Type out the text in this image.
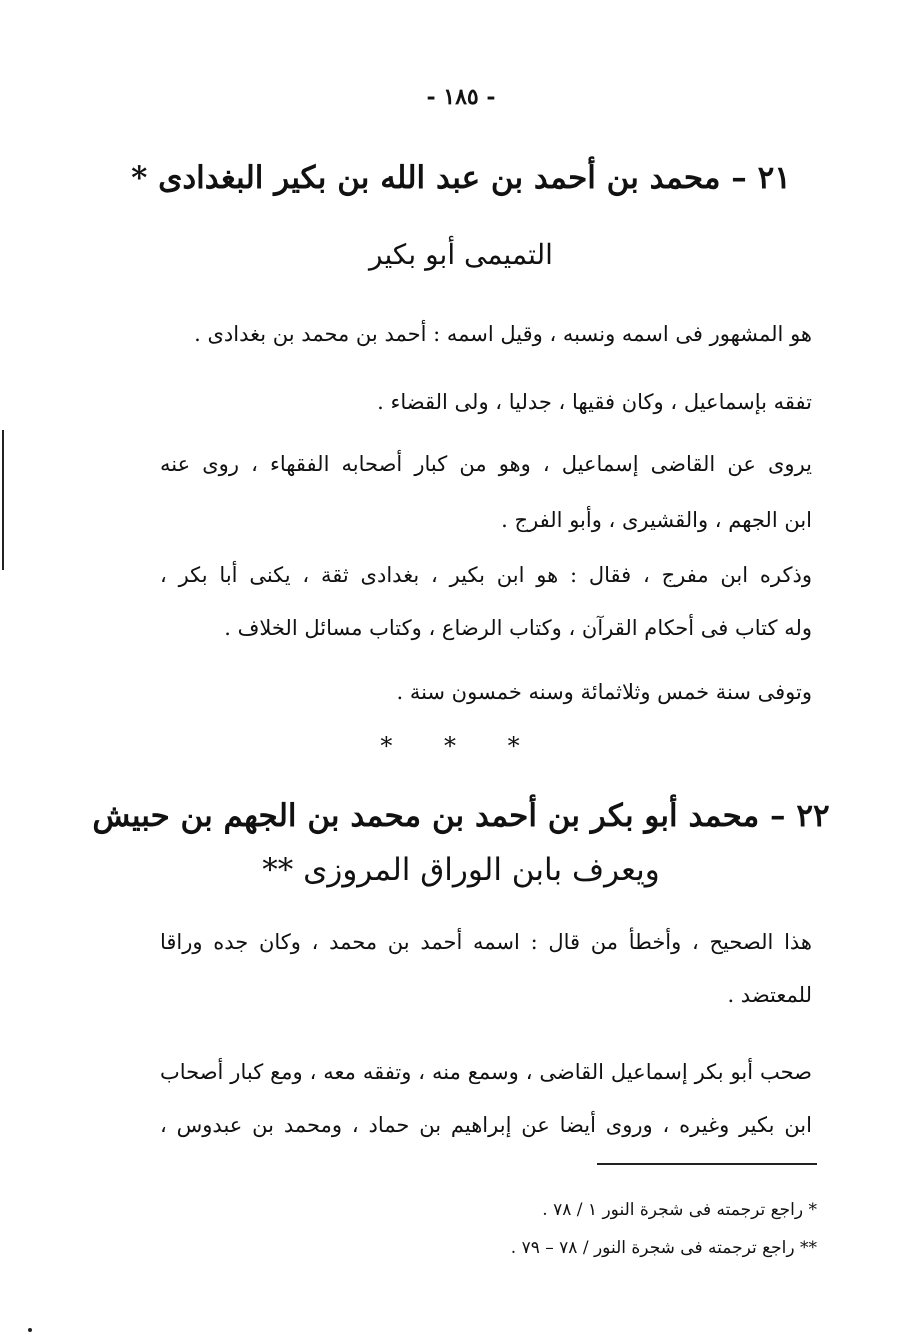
- ١٨٥ -
٢١ – محمد بن أحمد بن عبد الله بن بكير البغدادى *
التميمى أبو بكير
هو المشهور فى اسمه ونسبه ، وقيل اسمه : أحمد بن محمد بن بغدادى .
تفقه بإسماعيل ، وكان فقيها ، جدليا ، ولى القضاء .
يروى عن القاضى إسماعيل ، وهو من كبار أصحابه الفقهاء ، روى عنه
ابن الجهم ، والقشيرى ، وأبو الفرج .
وذكره ابن مفرج ، فقال : هو ابن بكير ، بغدادى ثقة ، يكنى أبا بكر ،
وله كتاب فى أحكام القرآن ، وكتاب الرضاع ، وكتاب مسائل الخلاف .
وتوفى سنة خمس وثلاثمائة وسنه خمسون سنة .
* * *
٢٢ – محمد أبو بكر بن أحمد بن محمد بن الجهم بن حبيش
ويعرف بابن الوراق المروزى **
هذا الصحيح ، وأخطأ من قال : اسمه أحمد بن محمد ، وكان جده وراقا
للمعتضد .
صحب أبو بكر إسماعيل القاضى ، وسمع منه ، وتفقه معه ، ومع كبار أصحاب
ابن بكير وغيره ، وروى أيضا عن إبراهيم بن حماد ، ومحمد بن عبدوس ،
* راجع ترجمته فى شجرة النور ١ / ٧٨ .
** راجع ترجمته فى شجرة النور / ٧٨ – ٧٩ .
